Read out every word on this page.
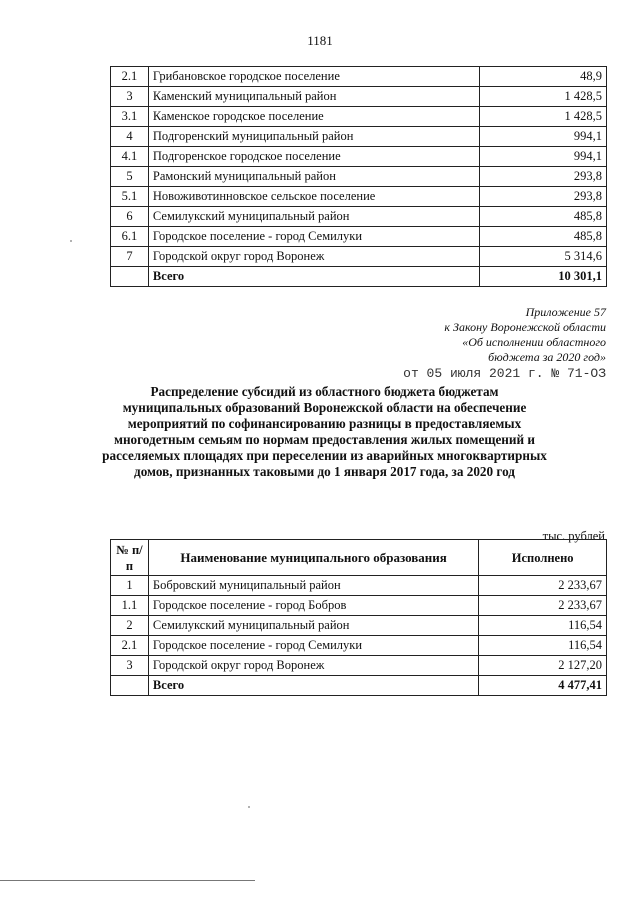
1181
2.1	Грибановское городское поселение	48,9
3	Каменский муниципальный район	1 428,5
3.1	Каменское городское поселение	1 428,5
4	Подгоренский муниципальный район	994,1
4.1	Подгоренское городское поселение	994,1
5	Рамонский муниципальный район	293,8
5.1	Новоживотинновское сельское поселение	293,8
6	Семилукский муниципальный район	485,8
6.1	Городское поселение - город Семилуки	485,8
7	Городской округ город Воронеж	5 314,6
	Всего	10 301,1
Приложение 57
к Закону Воронежской области
«Об исполнении областного
бюджета за 2020 год»
от 05 июля 2021 г. № 71-ОЗ
Распределение субсидий из областного бюджета бюджетам муниципальных образований Воронежской области на обеспечение мероприятий по софинансированию разницы в предоставляемых многодетным семьям по нормам предоставления жилых помещений и расселяемых площадях при переселении из аварийных многоквартирных домов, признанных таковыми до 1 января 2017 года, за 2020 год
тыс. рублей
№ п/п	Наименование муниципального образования	Исполнено
1	Бобровский муниципальный район	2 233,67
1.1	Городское поселение - город Бобров	2 233,67
2	Семилукский муниципальный район	116,54
2.1	Городское поселение - город Семилуки	116,54
3	Городской округ город Воронеж	2 127,20
	Всего	4 477,41
